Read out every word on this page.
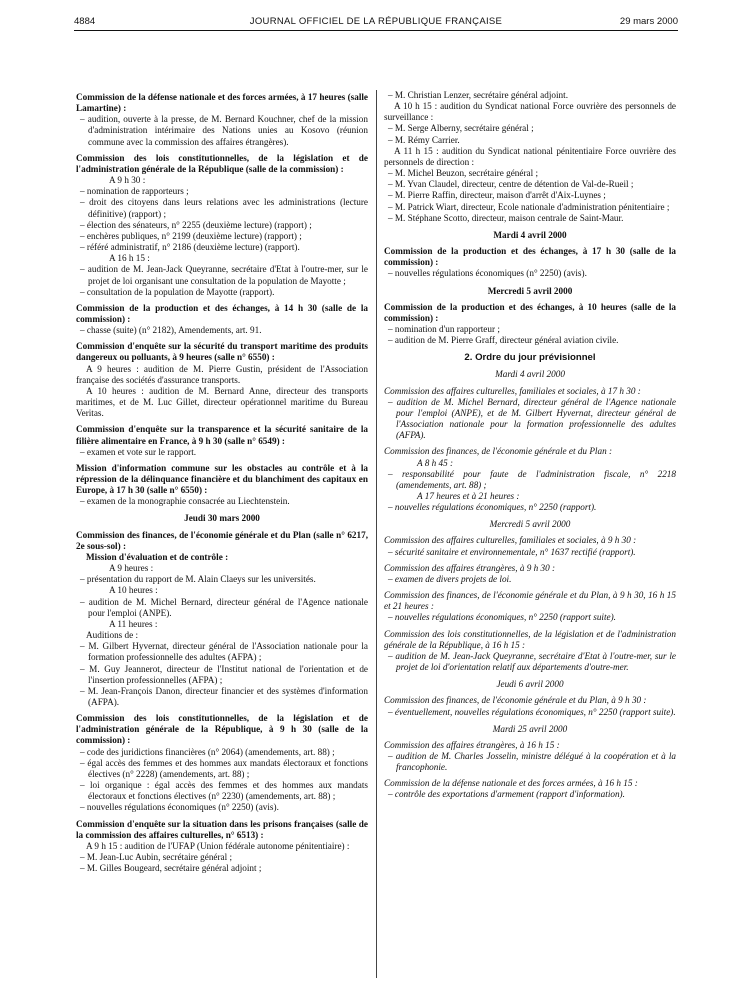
4884	JOURNAL OFFICIEL DE LA RÉPUBLIQUE FRANÇAISE	29 mars 2000

Commission de la défense nationale et des forces armées, à 17 heures (salle Lamartine) :

– audition, ouverte à la presse, de M. Bernard Kouchner, chef de la mission d'administration intérimaire des Nations unies au Kosovo (réunion commune avec la commission des affaires étrangères).

Commission des lois constitutionnelles, de la législation et de l'administration générale de la République (salle de la commission) :

A 9 h 30 :

– nomination de rapporteurs ;

– droit des citoyens dans leurs relations avec les administrations (lecture définitive) (rapport) ;

– élection des sénateurs, n° 2255 (deuxième lecture) (rapport) ;

– enchères publiques, n° 2199 (deuxième lecture) (rapport) ;

– référé administratif, n° 2186 (deuxième lecture) (rapport).

A 16 h 15 :

– audition de M. Jean-Jack Queyranne, secrétaire d'Etat à l'outre-mer, sur le projet de loi organisant une consultation de la population de Mayotte ;

– consultation de la population de Mayotte (rapport).

Commission de la production et des échanges, à 14 h 30 (salle de la commission) :

– chasse (suite) (n° 2182), Amendements, art. 91.

Commission d'enquête sur la sécurité du transport maritime des produits dangereux ou polluants, à 9 heures (salle n° 6550) :

A 9 heures : audition de M. Pierre Gustin, président de l'Association française des sociétés d'assurance transports.

A 10 heures : audition de M. Bernard Anne, directeur des transports maritimes, et de M. Luc Gillet, directeur opérationnel maritime du Bureau Veritas.

Commission d'enquête sur la transparence et la sécurité sanitaire de la filière alimentaire en France, à 9 h 30 (salle n° 6549) :

– examen et vote sur le rapport.

Mission d'information commune sur les obstacles au contrôle et à la répression de la délinquance financière et du blanchiment des capitaux en Europe, à 17 h 30 (salle n° 6550) :

– examen de la monographie consacrée au Liechtenstein.

Jeudi 30 mars 2000

Commission des finances, de l'économie générale et du Plan (salle n° 6217, 2e sous-sol) :

Mission d'évaluation et de contrôle :

A 9 heures :

– présentation du rapport de M. Alain Claeys sur les universités.

A 10 heures :

– audition de M. Michel Bernard, directeur général de l'Agence nationale pour l'emploi (ANPE).

A 11 heures :

Auditions de :

– M. Gilbert Hyvernat, directeur général de l'Association nationale pour la formation professionnelle des adultes (AFPA) ;

– M. Guy Jeannerot, directeur de l'Institut national de l'orientation et de l'insertion professionnelles (AFPA) ;

– M. Jean-François Danon, directeur financier et des systèmes d'information (AFPA).

Commission des lois constitutionnelles, de la législation et de l'administration générale de la République, à 9 h 30 (salle de la commission) :

– code des juridictions financières (n° 2064) (amendements, art. 88) ;

– égal accès des femmes et des hommes aux mandats électoraux et fonctions électives (n° 2228) (amendements, art. 88) ;

– loi organique : égal accès des femmes et des hommes aux mandats électoraux et fonctions électives (n° 2230) (amendements, art. 88) ;

– nouvelles régulations économiques (n° 2250) (avis).

Commission d'enquête sur la situation dans les prisons françaises (salle de la commission des affaires culturelles, n° 6513) :

A 9 h 15 : audition de l'UFAP (Union fédérale autonome pénitentiaire) :

– M. Jean-Luc Aubin, secrétaire général ;

– M. Gilles Bougeard, secrétaire général adjoint ;

– M. Christian Lenzer, secrétaire général adjoint.

A 10 h 15 : audition du Syndicat national Force ouvrière des personnels de surveillance :

– M. Serge Alberny, secrétaire général ;

– M. Rémy Carrier.

A 11 h 15 : audition du Syndicat national pénitentiaire Force ouvrière des personnels de direction :

– M. Michel Beuzon, secrétaire général ;

– M. Yvan Claudel, directeur, centre de détention de Val-de-Rueil ;

– M. Pierre Raffin, directeur, maison d'arrêt d'Aix-Luynes ;

– M. Patrick Wiart, directeur, Ecole nationale d'administration pénitentiaire ;

– M. Stéphane Scotto, directeur, maison centrale de Saint-Maur.

Mardi 4 avril 2000

Commission de la production et des échanges, à 17 h 30 (salle de la commission) :

– nouvelles régulations économiques (n° 2250) (avis).

Mercredi 5 avril 2000

Commission de la production et des échanges, à 10 heures (salle de la commission) :

– nomination d'un rapporteur ;

– audition de M. Pierre Graff, directeur général aviation civile.

2. Ordre du jour prévisionnel

Mardi 4 avril 2000

Commission des affaires culturelles, familiales et sociales, à 17 h 30 :

– audition de M. Michel Bernard, directeur général de l'Agence nationale pour l'emploi (ANPE), et de M. Gilbert Hyvernat, directeur général de l'Association nationale pour la formation professionnelle des adultes (AFPA).

Commission des finances, de l'économie générale et du Plan :

A 8 h 45 :

– responsabilité pour faute de l'administration fiscale, n° 2218 (amendements, art. 88) ;

A 17 heures et à 21 heures :

– nouvelles régulations économiques, n° 2250 (rapport).

Mercredi 5 avril 2000

Commission des affaires culturelles, familiales et sociales, à 9 h 30 :

– sécurité sanitaire et environnementale, n° 1637 rectifié (rapport).

Commission des affaires étrangères, à 9 h 30 :

– examen de divers projets de loi.

Commission des finances, de l'économie générale et du Plan, à 9 h 30, 16 h 15 et 21 heures :

– nouvelles régulations économiques, n° 2250 (rapport suite).

Commission des lois constitutionnelles, de la législation et de l'administration générale de la République, à 16 h 15 :

– audition de M. Jean-Jack Queyranne, secrétaire d'Etat à l'outre-mer, sur le projet de loi d'orientation relatif aux départements d'outre-mer.

Jeudi 6 avril 2000

Commission des finances, de l'économie générale et du Plan, à 9 h 30 :

– éventuellement, nouvelles régulations économiques, n° 2250 (rapport suite).

Mardi 25 avril 2000

Commission des affaires étrangères, à 16 h 15 :

– audition de M. Charles Josselin, ministre délégué à la coopération et à la francophonie.

Commission de la défense nationale et des forces armées, à 16 h 15 :

– contrôle des exportations d'armement (rapport d'information).
